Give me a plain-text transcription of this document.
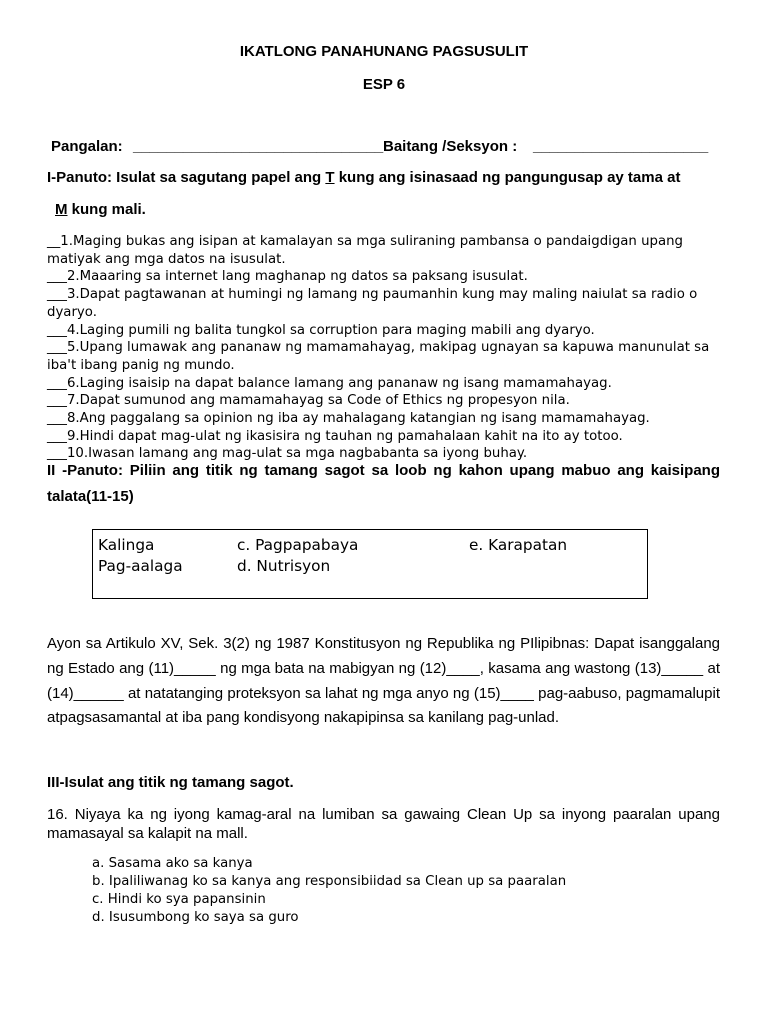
IKATLONG PANAHUNANG PAGSUSULIT
ESP 6
Pangalan: ______________________________ Baitang /Seksyon : _____________________
I-Panuto: Isulat sa sagutang papel ang T kung ang isinasaad ng pangungusap ay tama at
M kung mali.
__1.Maging bukas ang isipan at kamalayan sa mga suliraning pambansa o pandaigdigan upang matiyak ang mga datos na isusulat.
___2.Maaaring sa internet lang maghanap ng datos sa paksang isusulat.
___3.Dapat pagtawanan at humingi ng lamang ng paumanhin kung may maling naiulat sa radio o dyaryo.
___4.Laging pumili ng balita tungkol sa corruption para maging mabili ang dyaryo.
___5.Upang lumawak ang pananaw ng mamamahayag, makipag ugnayan sa kapuwa manunulat sa iba't ibang panig ng mundo.
___6.Laging isaisip na dapat balance lamang ang pananaw ng isang mamamahayag.
___7.Dapat sumunod ang mamamahayag sa Code of Ethics ng propesyon nila.
___8.Ang paggalang sa opinion ng iba ay mahalagang katangian ng isang mamamahayag.
___9.Hindi dapat mag-ulat ng ikasisira ng tauhan ng pamahalaan kahit na ito ay totoo.
___10.Iwasan lamang ang mag-ulat sa mga nagbabanta sa iyong buhay.
II -Panuto: Piliin ang titik ng tamang sagot sa loob ng kahon upang mabuo ang kaisipang talata(11-15)
Kalinga	c. Pagpapabaya	e. Karapatan
Pag-aalaga	d. Nutrisyon
Ayon sa Artikulo XV, Sek. 3(2) ng 1987 Konstitusyon ng Republika ng PIlipibnas: Dapat isanggalang ng Estado ang (11)_____ ng mga bata na mabigyan ng (12)____, kasama ang wastong (13)_____ at (14)______ at natatanging proteksyon sa lahat ng mga anyo ng (15)____ pag-aabuso, pagmamalupit atpagsasamantal at iba pang kondisyong nakapipinsa sa kanilang pag-unlad.
III-Isulat ang titik ng tamang sagot.
16. Niyaya ka ng iyong kamag-aral na lumiban sa gawaing Clean Up sa inyong paaralan upang mamasayal sa kalapit na mall.
a. Sasama ako sa kanya
b. Ipaliliwanag ko sa kanya ang responsibiidad sa Clean up sa paaralan
c. Hindi ko sya papansinin
d. Isusumbong ko saya sa guro
